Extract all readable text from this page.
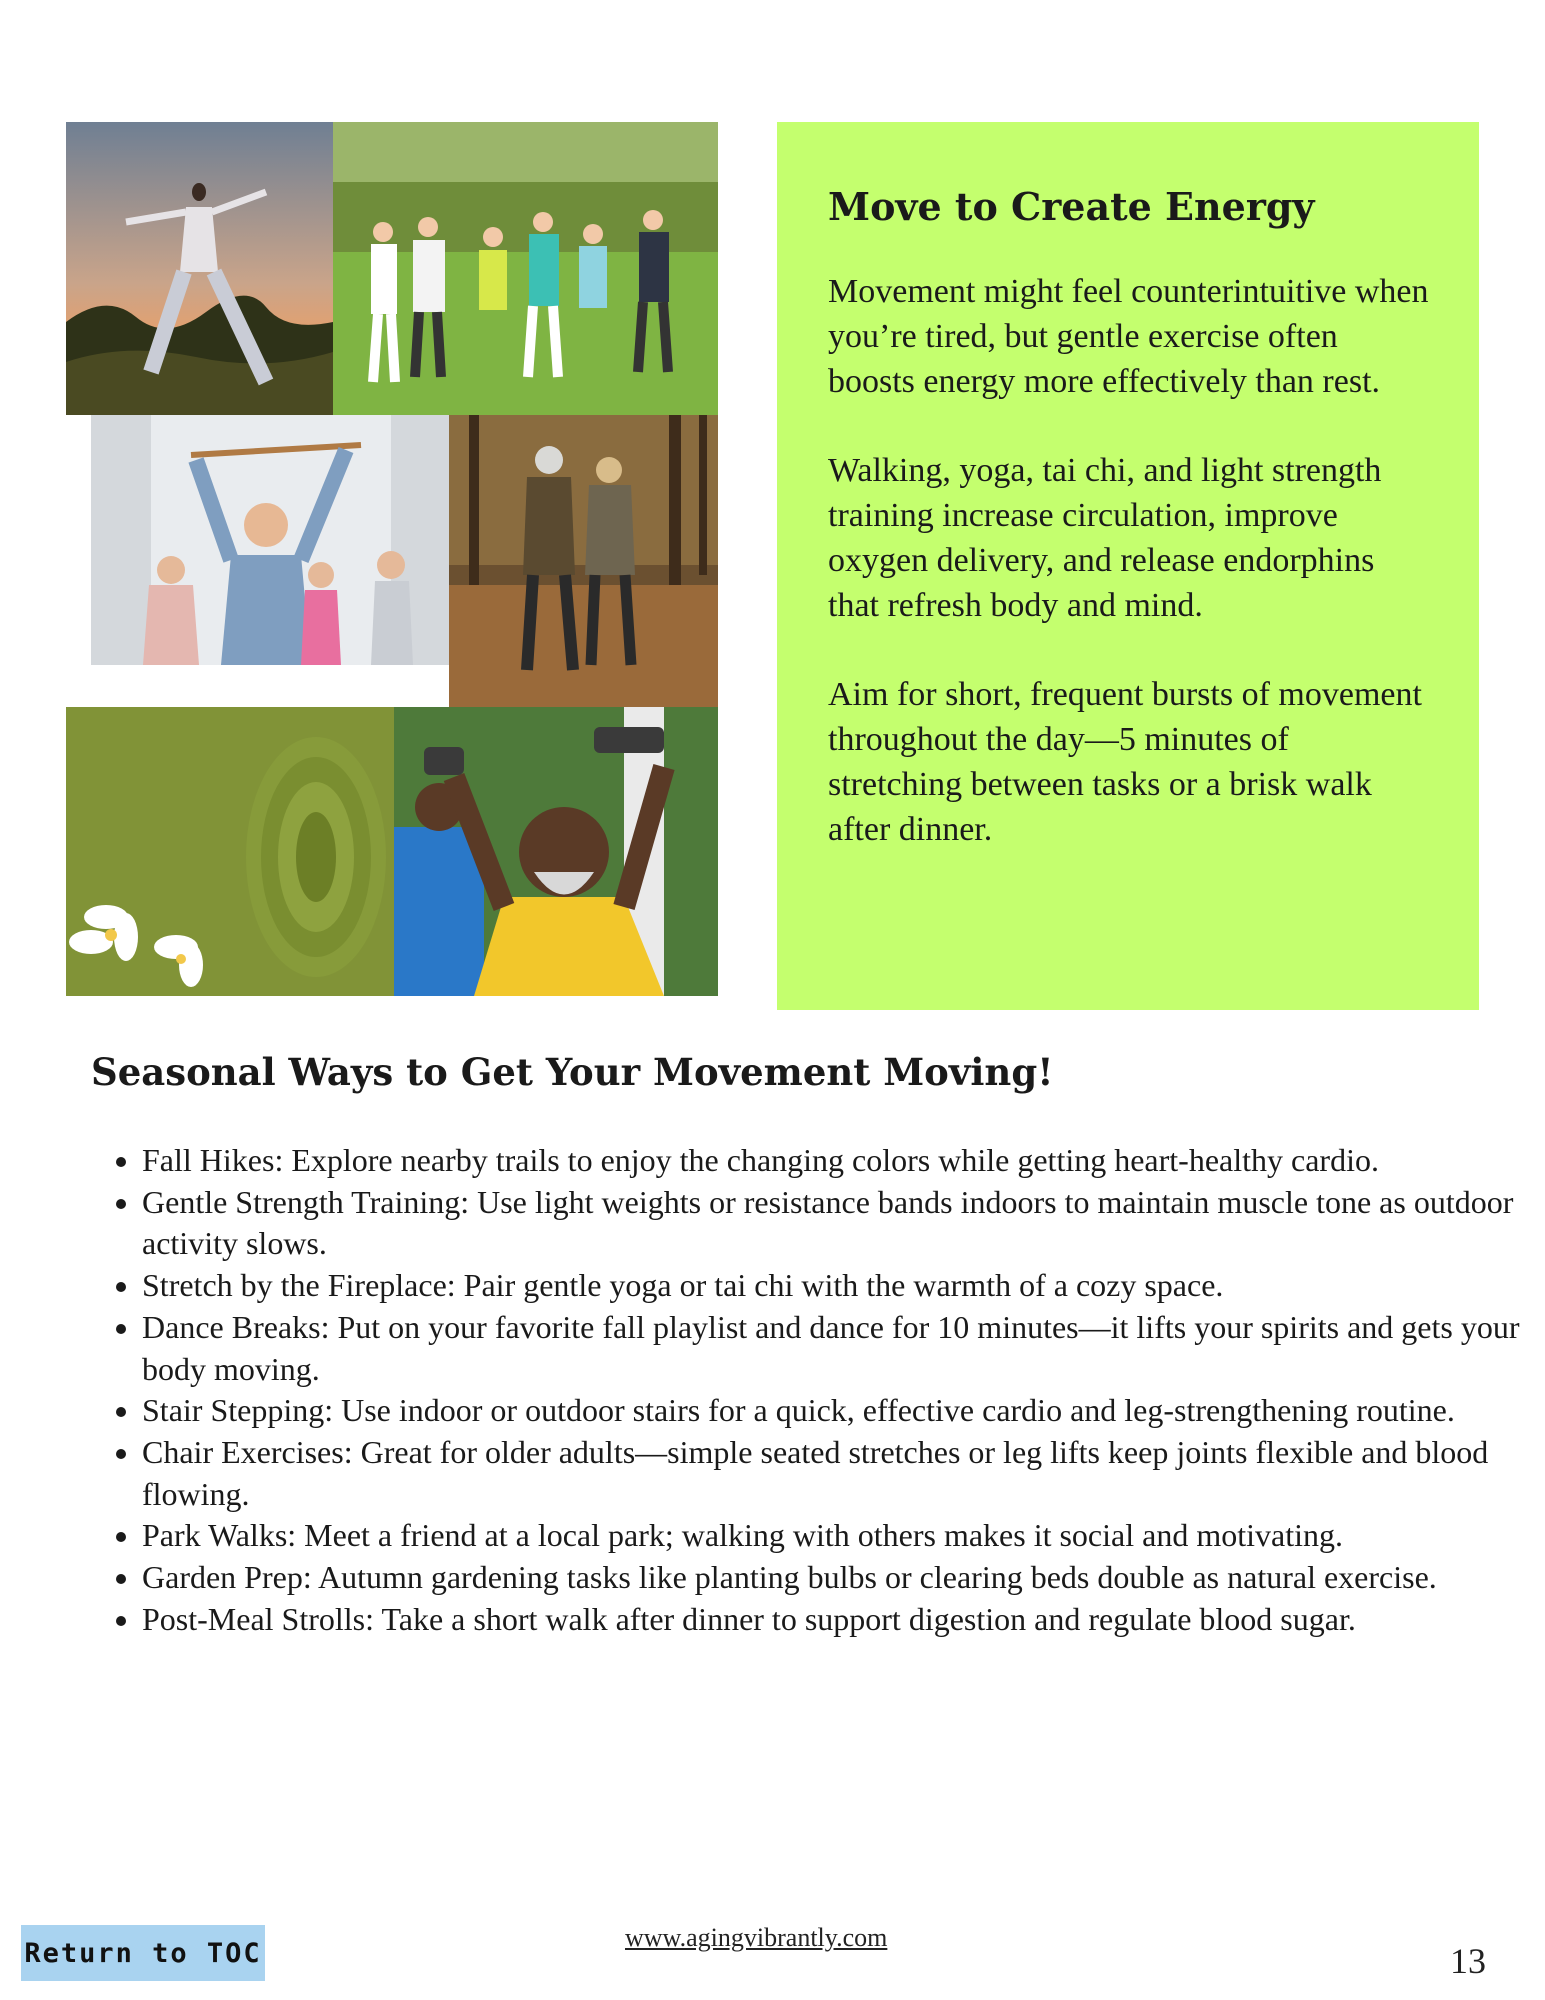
Move to Create Energy

Movement might feel counterintuitive when you’re tired, but gentle exercise often boosts energy more effectively than rest.

Walking, yoga, tai chi, and light strength training increase circulation, improve oxygen delivery, and release endorphins that refresh body and mind.

Aim for short, frequent bursts of movement throughout the day—5 minutes of stretching between tasks or a brisk walk after dinner.

Seasonal Ways to Get Your Movement Moving!
• Fall Hikes: Explore nearby trails to enjoy the changing colors while getting heart-healthy cardio.
• Gentle Strength Training: Use light weights or resistance bands indoors to maintain muscle tone as outdoor activity slows.
• Stretch by the Fireplace: Pair gentle yoga or tai chi with the warmth of a cozy space.
• Dance Breaks: Put on your favorite fall playlist and dance for 10 minutes—it lifts your spirits and gets your body moving.
• Stair Stepping: Use indoor or outdoor stairs for a quick, effective cardio and leg-strengthening routine.
• Chair Exercises: Great for older adults—simple seated stretches or leg lifts keep joints flexible and blood flowing.
• Park Walks: Meet a friend at a local park; walking with others makes it social and motivating.
• Garden Prep: Autumn gardening tasks like planting bulbs or clearing beds double as natural exercise.
• Post-Meal Strolls: Take a short walk after dinner to support digestion and regulate blood sugar.
Return to TOC	www.agingvibrantly.com
13
